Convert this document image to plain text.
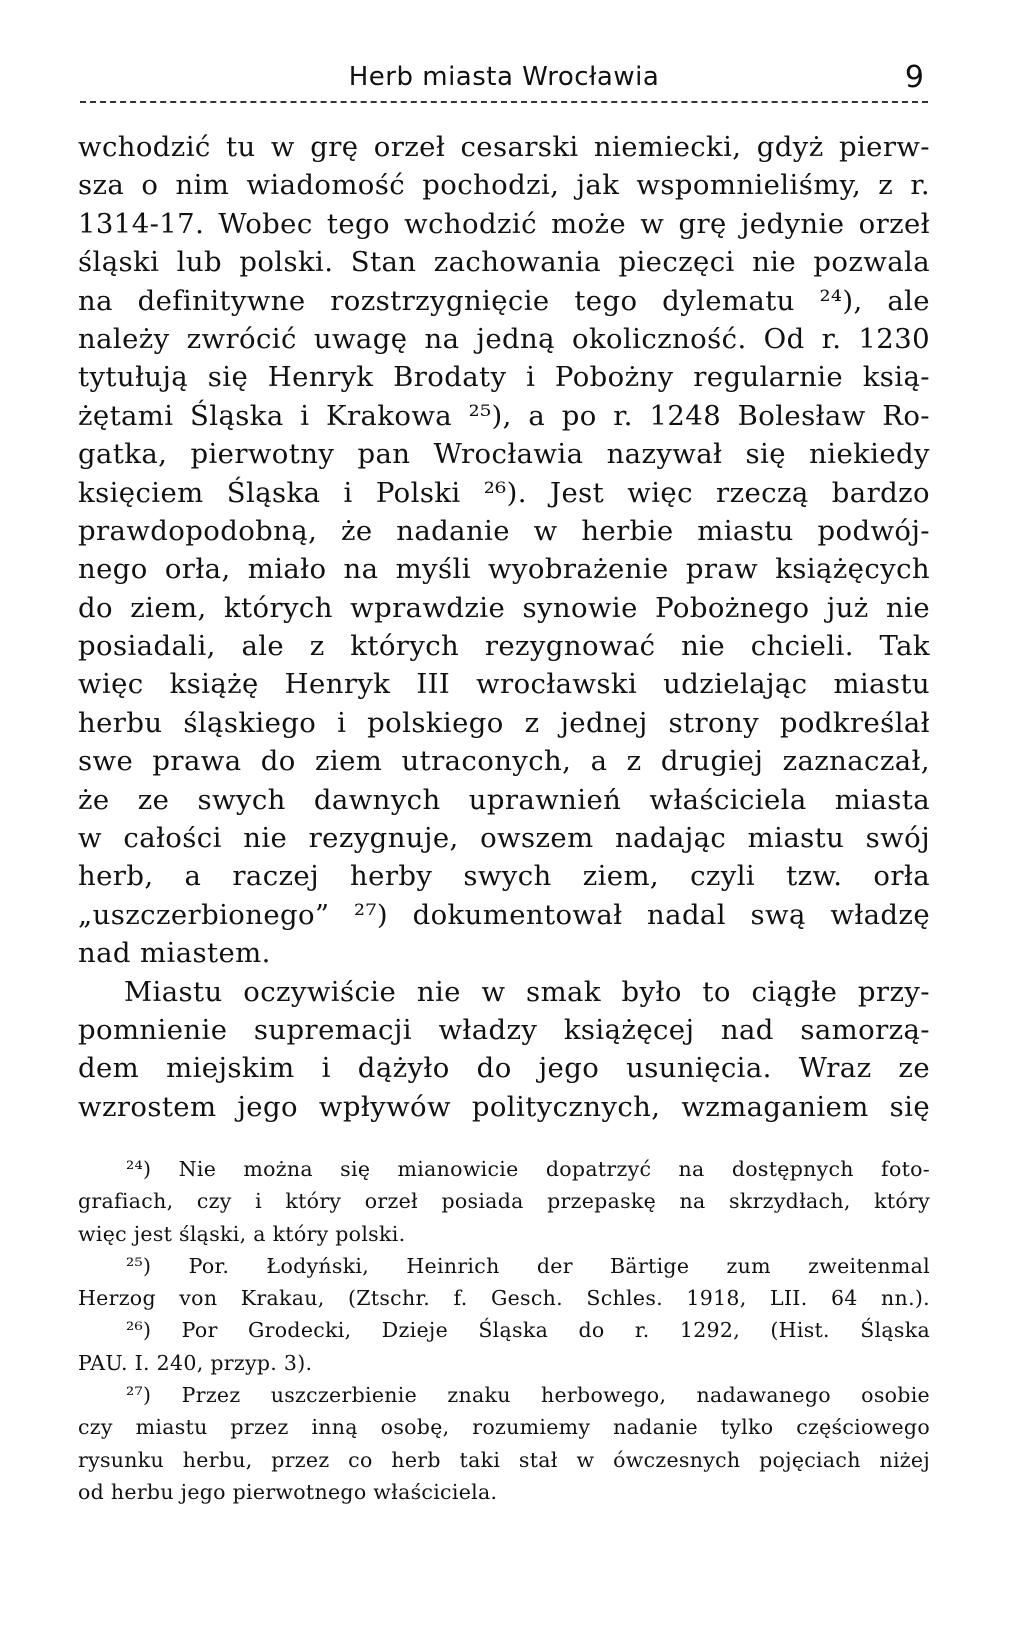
Herb miasta Wrocławia	9
wchodzić tu w grę orzeł cesarski niemiecki, gdyż pierw-
sza o nim wiadomość pochodzi, jak wspomnieliśmy, z r.
1314-17. Wobec tego wchodzić może w grę jedynie orzeł
śląski lub polski. Stan zachowania pieczęci nie pozwala
na definitywne rozstrzygnięcie tego dylematu ²⁴), ale
należy zwrócić uwagę na jedną okoliczność. Od r. 1230
tytułują się Henryk Brodaty i Pobożny regularnie ksią-
żętami Śląska i Krakowa ²⁵), a po r. 1248 Bolesław Ro-
gatka, pierwotny pan Wrocławia nazywał się niekiedy
księciem Śląska i Polski ²⁶). Jest więc rzeczą bardzo
prawdopodobną, że nadanie w herbie miastu podwój-
nego orła, miało na myśli wyobrażenie praw książęcych
do ziem, których wprawdzie synowie Pobożnego już nie
posiadali, ale z których rezygnować nie chcieli. Tak
więc książę Henryk III wrocławski udzielając miastu
herbu śląskiego i polskiego z jednej strony podkreślał
swe prawa do ziem utraconych, a z drugiej zaznaczał,
że ze swych dawnych uprawnień właściciela miasta
w całości nie rezygnuje, owszem nadając miastu swój
herb, a raczej herby swych ziem, czyli tzw. orła
„uszczerbionego” ²⁷) dokumentował nadal swą władzę
nad miastem.
Miastu oczywiście nie w smak było to ciągłe przy-
pomnienie supremacji władzy książęcej nad samorzą-
dem miejskim i dążyło do jego usunięcia. Wraz ze
wzrostem jego wpływów politycznych, wzmaganiem się
²⁴) Nie można się mianowicie dopatrzyć na dostępnych foto-
grafiach, czy i który orzeł posiada przepaskę na skrzydłach, który
więc jest śląski, a który polski.
²⁵) Por. Łodyński, Heinrich der Bärtige zum zweitenmal
Herzog von Krakau, (Ztschr. f. Gesch. Schles. 1918, LII. 64 nn.).
²⁶) Por Grodecki, Dzieje Śląska do r. 1292, (Hist. Śląska
PAU. I. 240, przyp. 3).
²⁷) Przez uszczerbienie znaku herbowego, nadawanego osobie
czy miastu przez inną osobę, rozumiemy nadanie tylko częściowego
rysunku herbu, przez co herb taki stał w ówczesnych pojęciach niżej
od herbu jego pierwotnego właściciela.
